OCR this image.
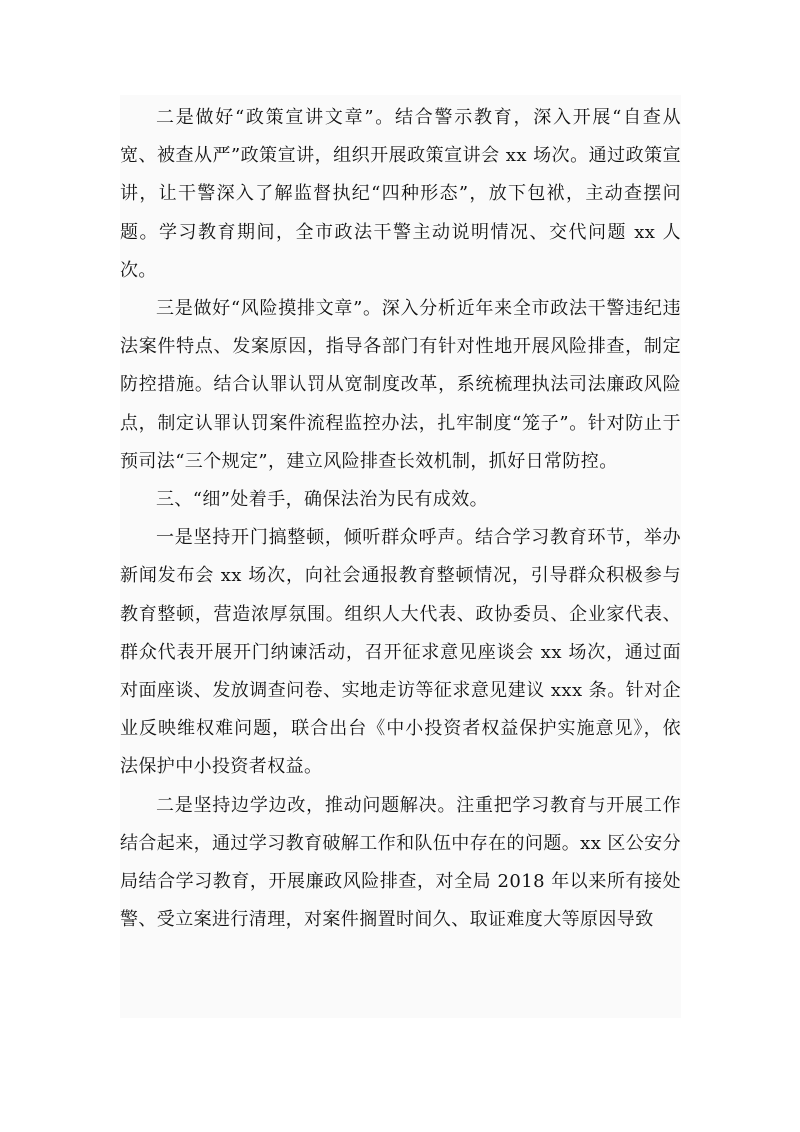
二是做好“政策宣讲文章”。结合警示教育，深入开展“自查从宽、被查从严”政策宣讲，组织开展政策宣讲会 xx 场次。通过政策宣讲，让干警深入了解监督执纪“四种形态”，放下包袱，主动查摆问题。学习教育期间，全市政法干警主动说明情况、交代问题 xx 人次。

三是做好“风险摸排文章”。深入分析近年来全市政法干警违纪违法案件特点、发案原因，指导各部门有针对性地开展风险排查，制定防控措施。结合认罪认罚从宽制度改革，系统梳理执法司法廉政风险点，制定认罪认罚案件流程监控办法，扎牢制度“笼子”。针对防止于预司法“三个规定”，建立风险排查长效机制，抓好日常防控。

三、“细”处着手，确保法治为民有成效。

一是坚持开门搞整顿，倾听群众呼声。结合学习教育环节，举办新闻发布会 xx 场次，向社会通报教育整顿情况，引导群众积极参与教育整顿，营造浓厚氛围。组织人大代表、政协委员、企业家代表、群众代表开展开门纳谏活动，召开征求意见座谈会 xx 场次，通过面对面座谈、发放调查问卷、实地走访等征求意见建议 xxx 条。针对企业反映维权难问题，联合出台《中小投资者权益保护实施意见》，依法保护中小投资者权益。

二是坚持边学边改，推动问题解决。注重把学习教育与开展工作结合起来，通过学习教育破解工作和队伍中存在的问题。xx 区公安分局结合学习教育，开展廉政风险排查，对全局 2018 年以来所有接处警、受立案进行清理，对案件搁置时间久、取证难度大等原因导致
